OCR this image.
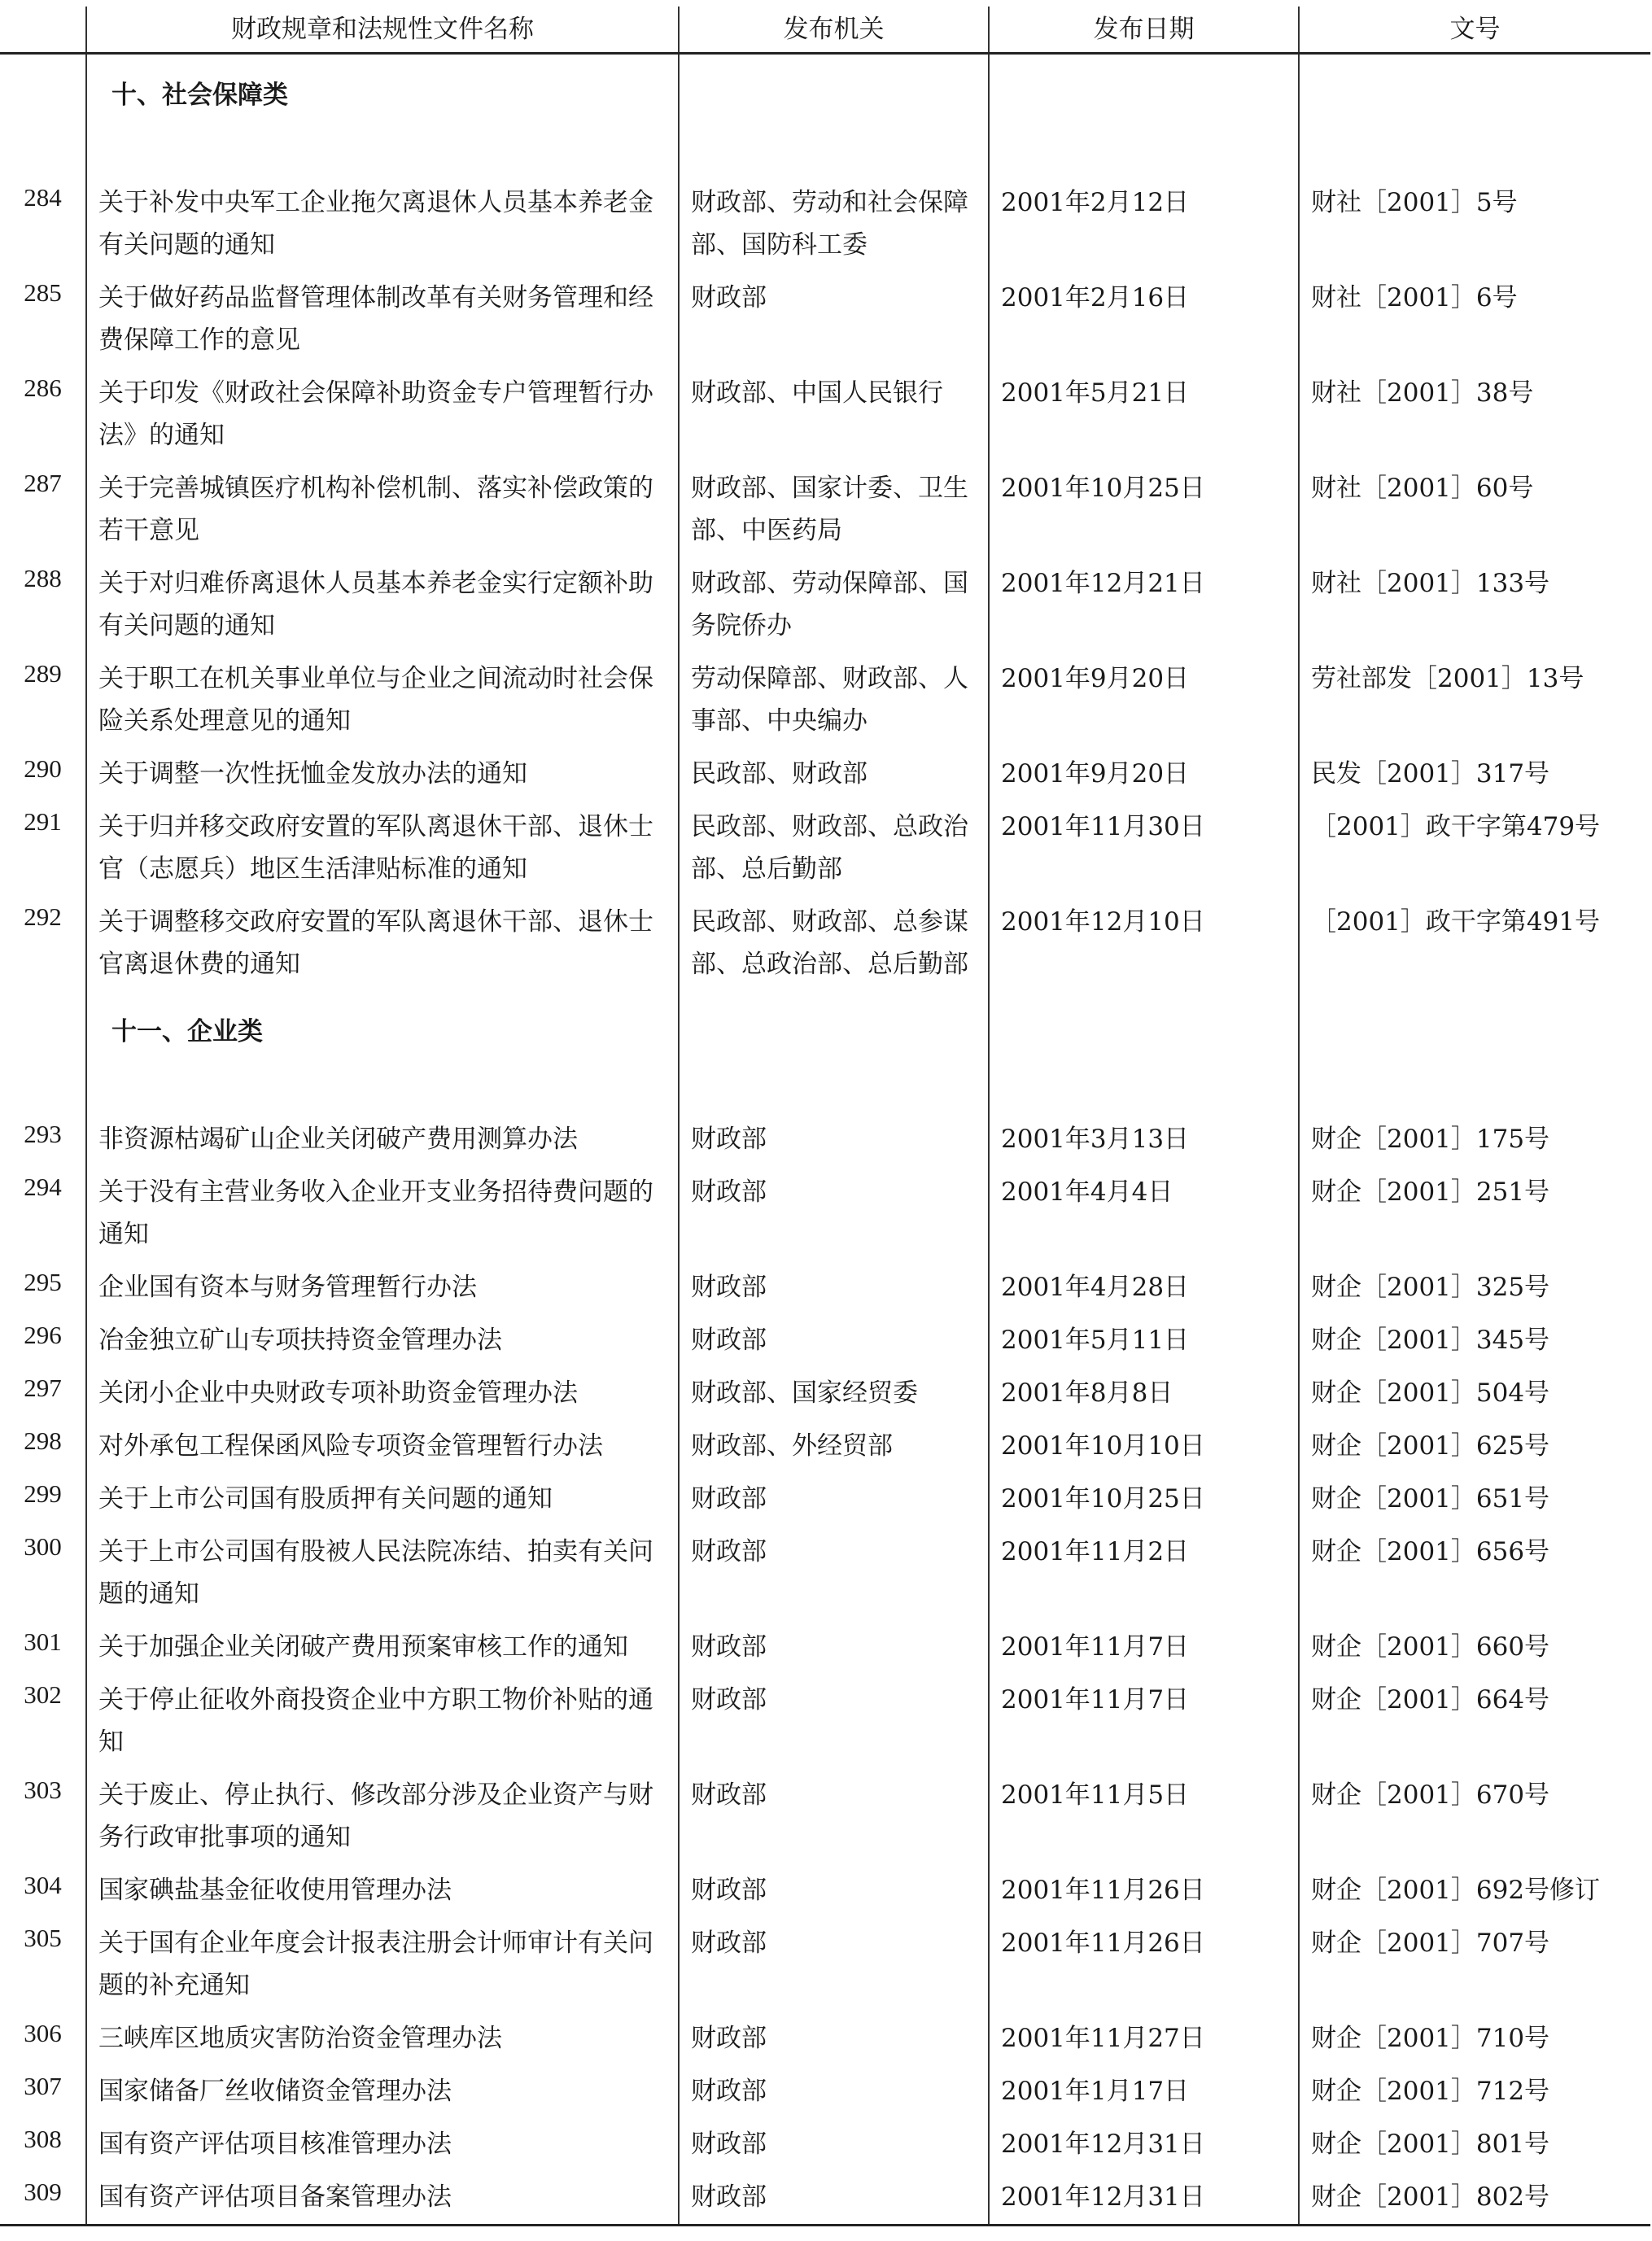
	财政规章和法规性文件名称	发布机关	发布日期	文号
	十、社会保障类			
284	关于补发中央军工企业拖欠离退休人员基本养老金有关问题的通知	财政部、劳动和社会保障部、国防科工委	2001年2月12日	财社［2001］5号
285	关于做好药品监督管理体制改革有关财务管理和经费保障工作的意见	财政部	2001年2月16日	财社［2001］6号
286	关于印发《财政社会保障补助资金专户管理暂行办法》的通知	财政部、中国人民银行	2001年5月21日	财社［2001］38号
287	关于完善城镇医疗机构补偿机制、落实补偿政策的若干意见	财政部、国家计委、卫生部、中医药局	2001年10月25日	财社［2001］60号
288	关于对归难侨离退休人员基本养老金实行定额补助有关问题的通知	财政部、劳动保障部、国务院侨办	2001年12月21日	财社［2001］133号
289	关于职工在机关事业单位与企业之间流动时社会保险关系处理意见的通知	劳动保障部、财政部、人事部、中央编办	2001年9月20日	劳社部发［2001］13号
290	关于调整一次性抚恤金发放办法的通知	民政部、财政部	2001年9月20日	民发［2001］317号
291	关于归并移交政府安置的军队离退休干部、退休士官（志愿兵）地区生活津贴标准的通知	民政部、财政部、总政治部、总后勤部	2001年11月30日	［2001］政干字第479号
292	关于调整移交政府安置的军队离退休干部、退休士官离退休费的通知	民政部、财政部、总参谋部、总政治部、总后勤部	2001年12月10日	［2001］政干字第491号
	十一、企业类			
293	非资源枯竭矿山企业关闭破产费用测算办法	财政部	2001年3月13日	财企［2001］175号
294	关于没有主营业务收入企业开支业务招待费问题的通知	财政部	2001年4月4日	财企［2001］251号
295	企业国有资本与财务管理暂行办法	财政部	2001年4月28日	财企［2001］325号
296	冶金独立矿山专项扶持资金管理办法	财政部	2001年5月11日	财企［2001］345号
297	关闭小企业中央财政专项补助资金管理办法	财政部、国家经贸委	2001年8月8日	财企［2001］504号
298	对外承包工程保函风险专项资金管理暂行办法	财政部、外经贸部	2001年10月10日	财企［2001］625号
299	关于上市公司国有股质押有关问题的通知	财政部	2001年10月25日	财企［2001］651号
300	关于上市公司国有股被人民法院冻结、拍卖有关问题的通知	财政部	2001年11月2日	财企［2001］656号
301	关于加强企业关闭破产费用预案审核工作的通知	财政部	2001年11月7日	财企［2001］660号
302	关于停止征收外商投资企业中方职工物价补贴的通知	财政部	2001年11月7日	财企［2001］664号
303	关于废止、停止执行、修改部分涉及企业资产与财务行政审批事项的通知	财政部	2001年11月5日	财企［2001］670号
304	国家碘盐基金征收使用管理办法	财政部	2001年11月26日	财企［2001］692号修订
305	关于国有企业年度会计报表注册会计师审计有关问题的补充通知	财政部	2001年11月26日	财企［2001］707号
306	三峡库区地质灾害防治资金管理办法	财政部	2001年11月27日	财企［2001］710号
307	国家储备厂丝收储资金管理办法	财政部	2001年1月17日	财企［2001］712号
308	国有资产评估项目核准管理办法	财政部	2001年12月31日	财企［2001］801号
309	国有资产评估项目备案管理办法	财政部	2001年12月31日	财企［2001］802号
